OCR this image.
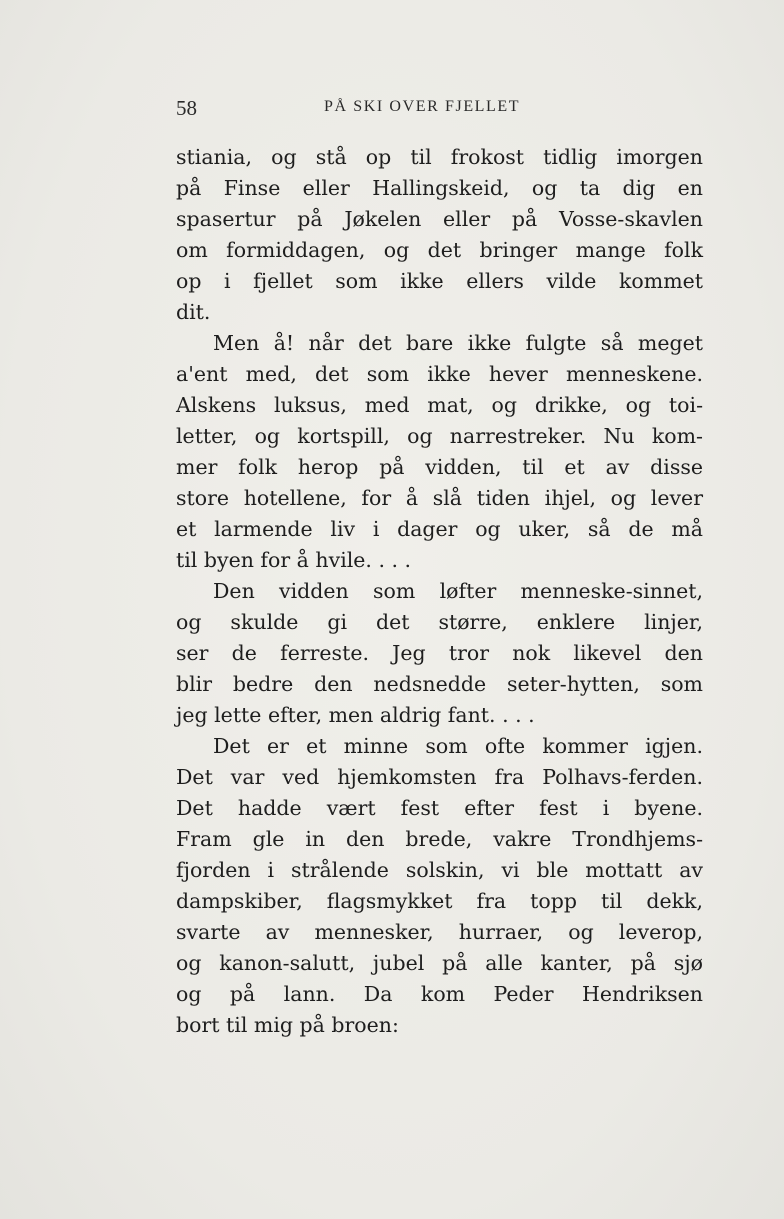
58	PÅ SKI OVER FJELLET
stiania, og stå op til frokost tidlig imorgen
på Finse eller Hallingskeid, og ta dig en
spasertur på Jøkelen eller på Vosse-skavlen
om formiddagen, og det bringer mange folk
op i fjellet som ikke ellers vilde kommet
dit.
Men å! når det bare ikke fulgte så meget
a'ent med, det som ikke hever menneskene.
Alskens luksus, med mat, og drikke, og toi-
letter, og kortspill, og narrestreker. Nu kom-
mer folk herop på vidden, til et av disse
store hotellene, for å slå tiden ihjel, og lever
et larmende liv i dager og uker, så de må
til byen for å hvile. . . .
Den vidden som løfter menneske-sinnet,
og skulde gi det større, enklere linjer,
ser de ferreste. Jeg tror nok likevel den
blir bedre den nedsnedde seter-hytten, som
jeg lette efter, men aldrig fant. . . .
Det er et minne som ofte kommer igjen.
Det var ved hjemkomsten fra Polhavs-ferden.
Det hadde vært fest efter fest i byene.
Fram gle in den brede, vakre Trondhjems-
fjorden i strålende solskin, vi ble mottatt av
dampskiber, flagsmykket fra topp til dekk,
svarte av mennesker, hurraer, og leverop,
og kanon-salutt, jubel på alle kanter, på sjø
og på lann. Da kom Peder Hendriksen
bort til mig på broen:
